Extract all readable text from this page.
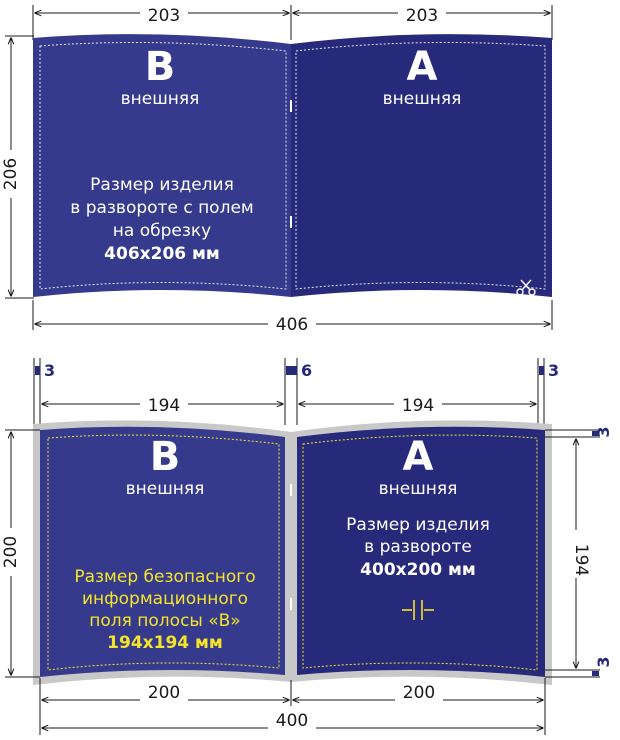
203	203
206
406
B
внешняя
A
внешняя
Размер изделия
в развороте с полем
на обрезку
406x206 мм
3	6	3
194	194
200
3
3
194
200	200
400
B
внешняя
A
внешняя
Размер безопасного
информационного
поля полосы «В»
194x194 мм
Размер изделия
в развороте
400x200 мм
